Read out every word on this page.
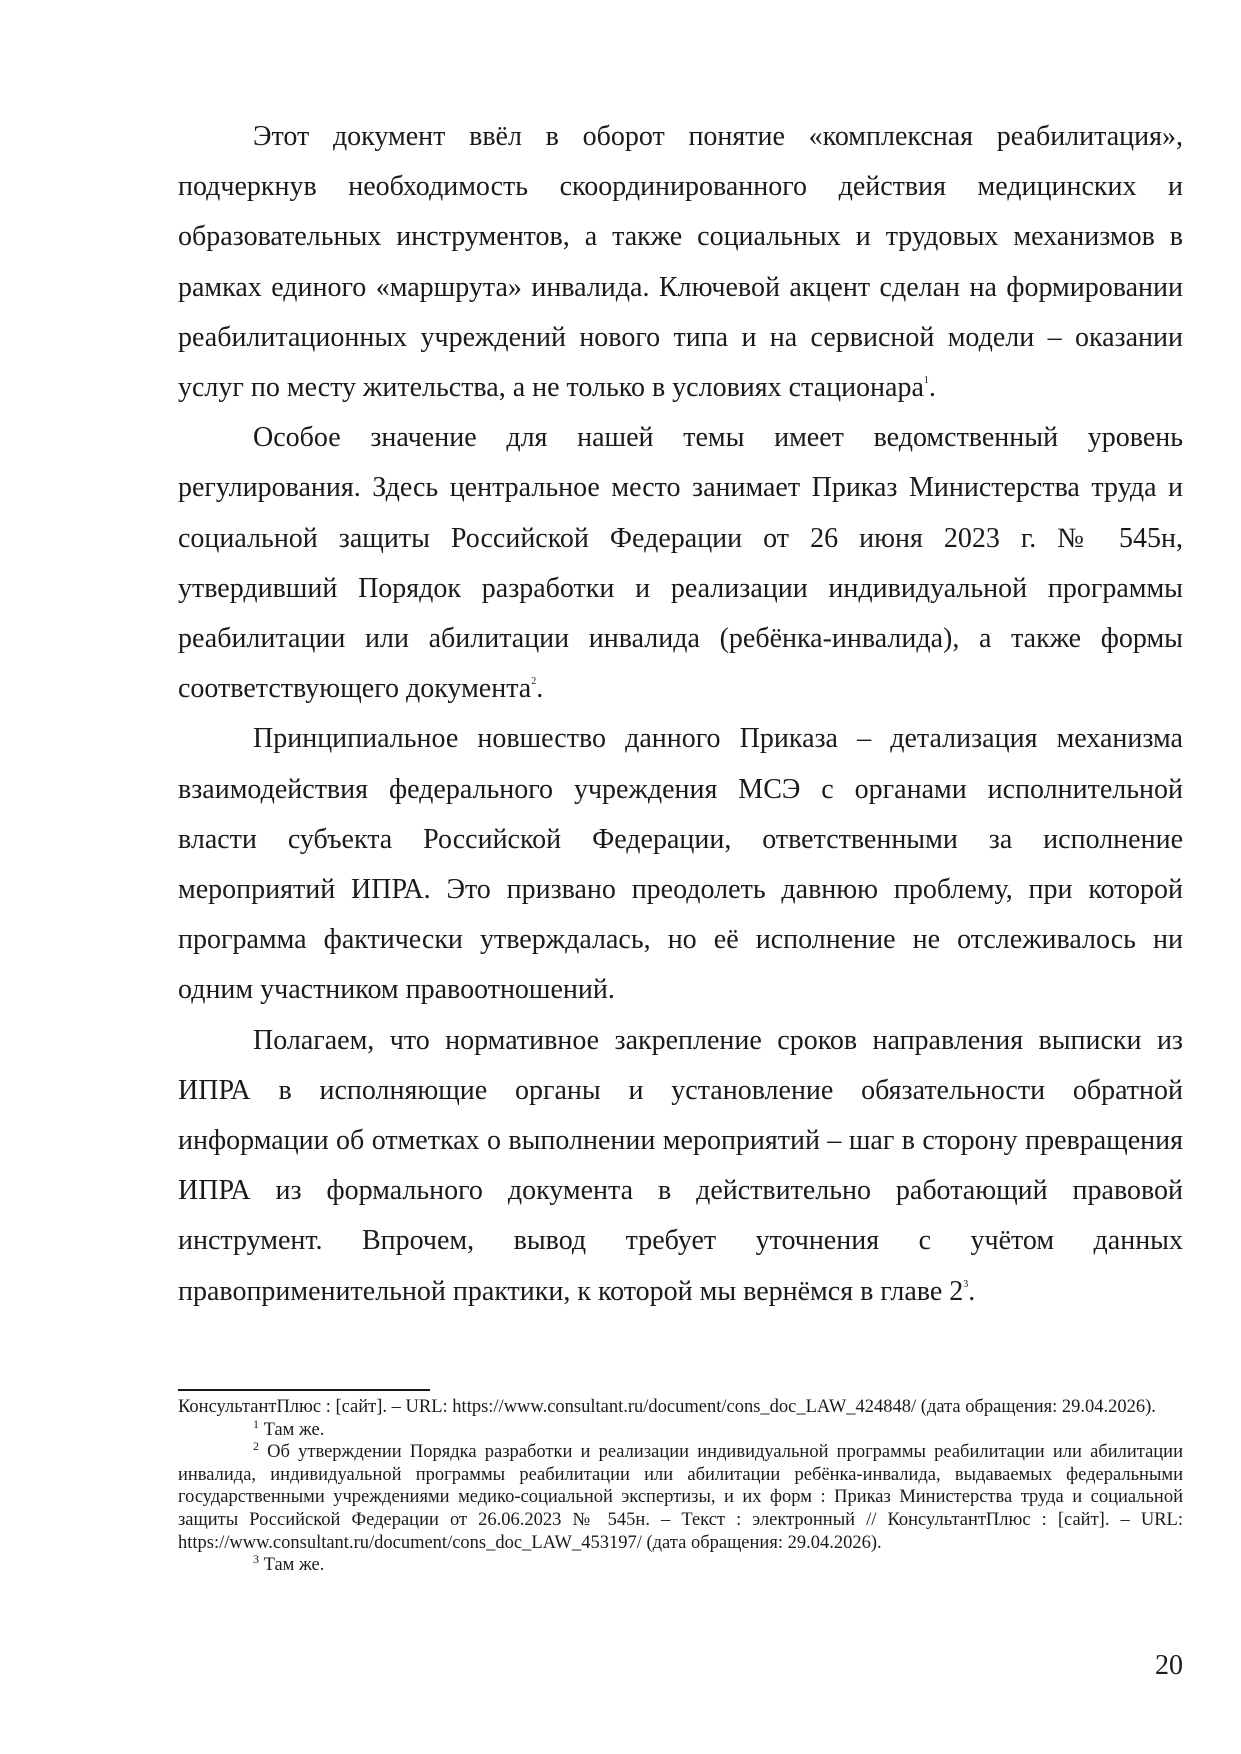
Этот документ ввёл в оборот понятие «комплексная реабилитация», подчеркнув необходимость скоординированного действия медицинских и образовательных инструментов, а также социальных и трудовых механизмов в рамках единого «маршрута» инвалида. Ключевой акцент сделан на формировании реабилитационных учреждений нового типа и на сервисной модели – оказании услуг по месту жительства, а не только в условиях стационара$^1$.

Особое значение для нашей темы имеет ведомственный уровень регулирования. Здесь центральное место занимает Приказ Министерства труда и социальной защиты Российской Федерации от 26 июня 2023 г. № 545н, утвердивший Порядок разработки и реализации индивидуальной программы реабилитации или абилитации инвалида (ребёнка-инвалида), а также формы соответствующего документа$^2$.

Принципиальное новшество данного Приказа – детализация механизма взаимодействия федерального учреждения МСЭ с органами исполнительной власти субъекта Российской Федерации, ответственными за исполнение мероприятий ИПРА. Это призвано преодолеть давнюю проблему, при которой программа фактически утверждалась, но её исполнение не отслеживалось ни одним участником правоотношений.

Полагаем, что нормативное закрепление сроков направления выписки из ИПРА в исполняющие органы и установление обязательности обратной информации об отметках о выполнении мероприятий – шаг в сторону превращения ИПРА из формального документа в действительно работающий правовой инструмент. Впрочем, вывод требует уточнения с учётом данных правоприменительной практики, к которой мы вернёмся в главе 2$^3$.

КонсультантПлюс : [сайт]. – URL: https://www.consultant.ru/document/cons_doc_LAW_424848/ (дата обращения: 29.04.2026).

$^1$ Там же.

$^2$ Об утверждении Порядка разработки и реализации индивидуальной программы реабилитации или абилитации инвалида, индивидуальной программы реабилитации или абилитации ребёнка-инвалида, выдаваемых федеральными государственными учреждениями медико-социальной экспертизы, и их форм : Приказ Министерства труда и социальной защиты Российской Федерации от 26.06.2023 № 545н. – Текст : электронный // КонсультантПлюс : [сайт]. – URL: https://www.consultant.ru/document/cons_doc_LAW_453197/ (дата обращения: 29.04.2026).

$^3$ Там же.

20
